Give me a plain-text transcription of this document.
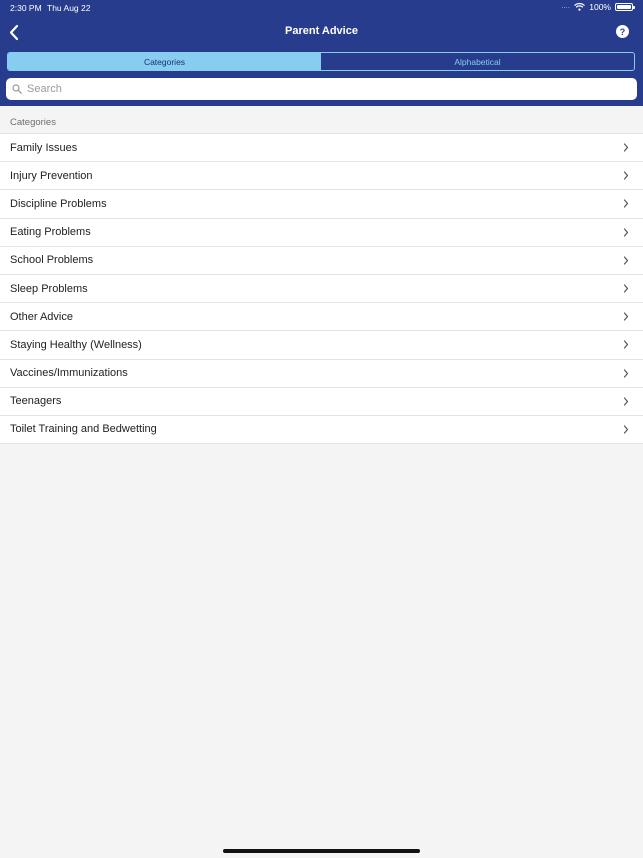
2:30 PM Thu Aug 22	.... 100%
Parent Advice	?
Categories	Alphabetical
Search
Categories
Family Issues
Injury Prevention
Discipline Problems
Eating Problems
School Problems
Sleep Problems
Other Advice
Staying Healthy (Wellness)
Vaccines/Immunizations
Teenagers
Toilet Training and Bedwetting
